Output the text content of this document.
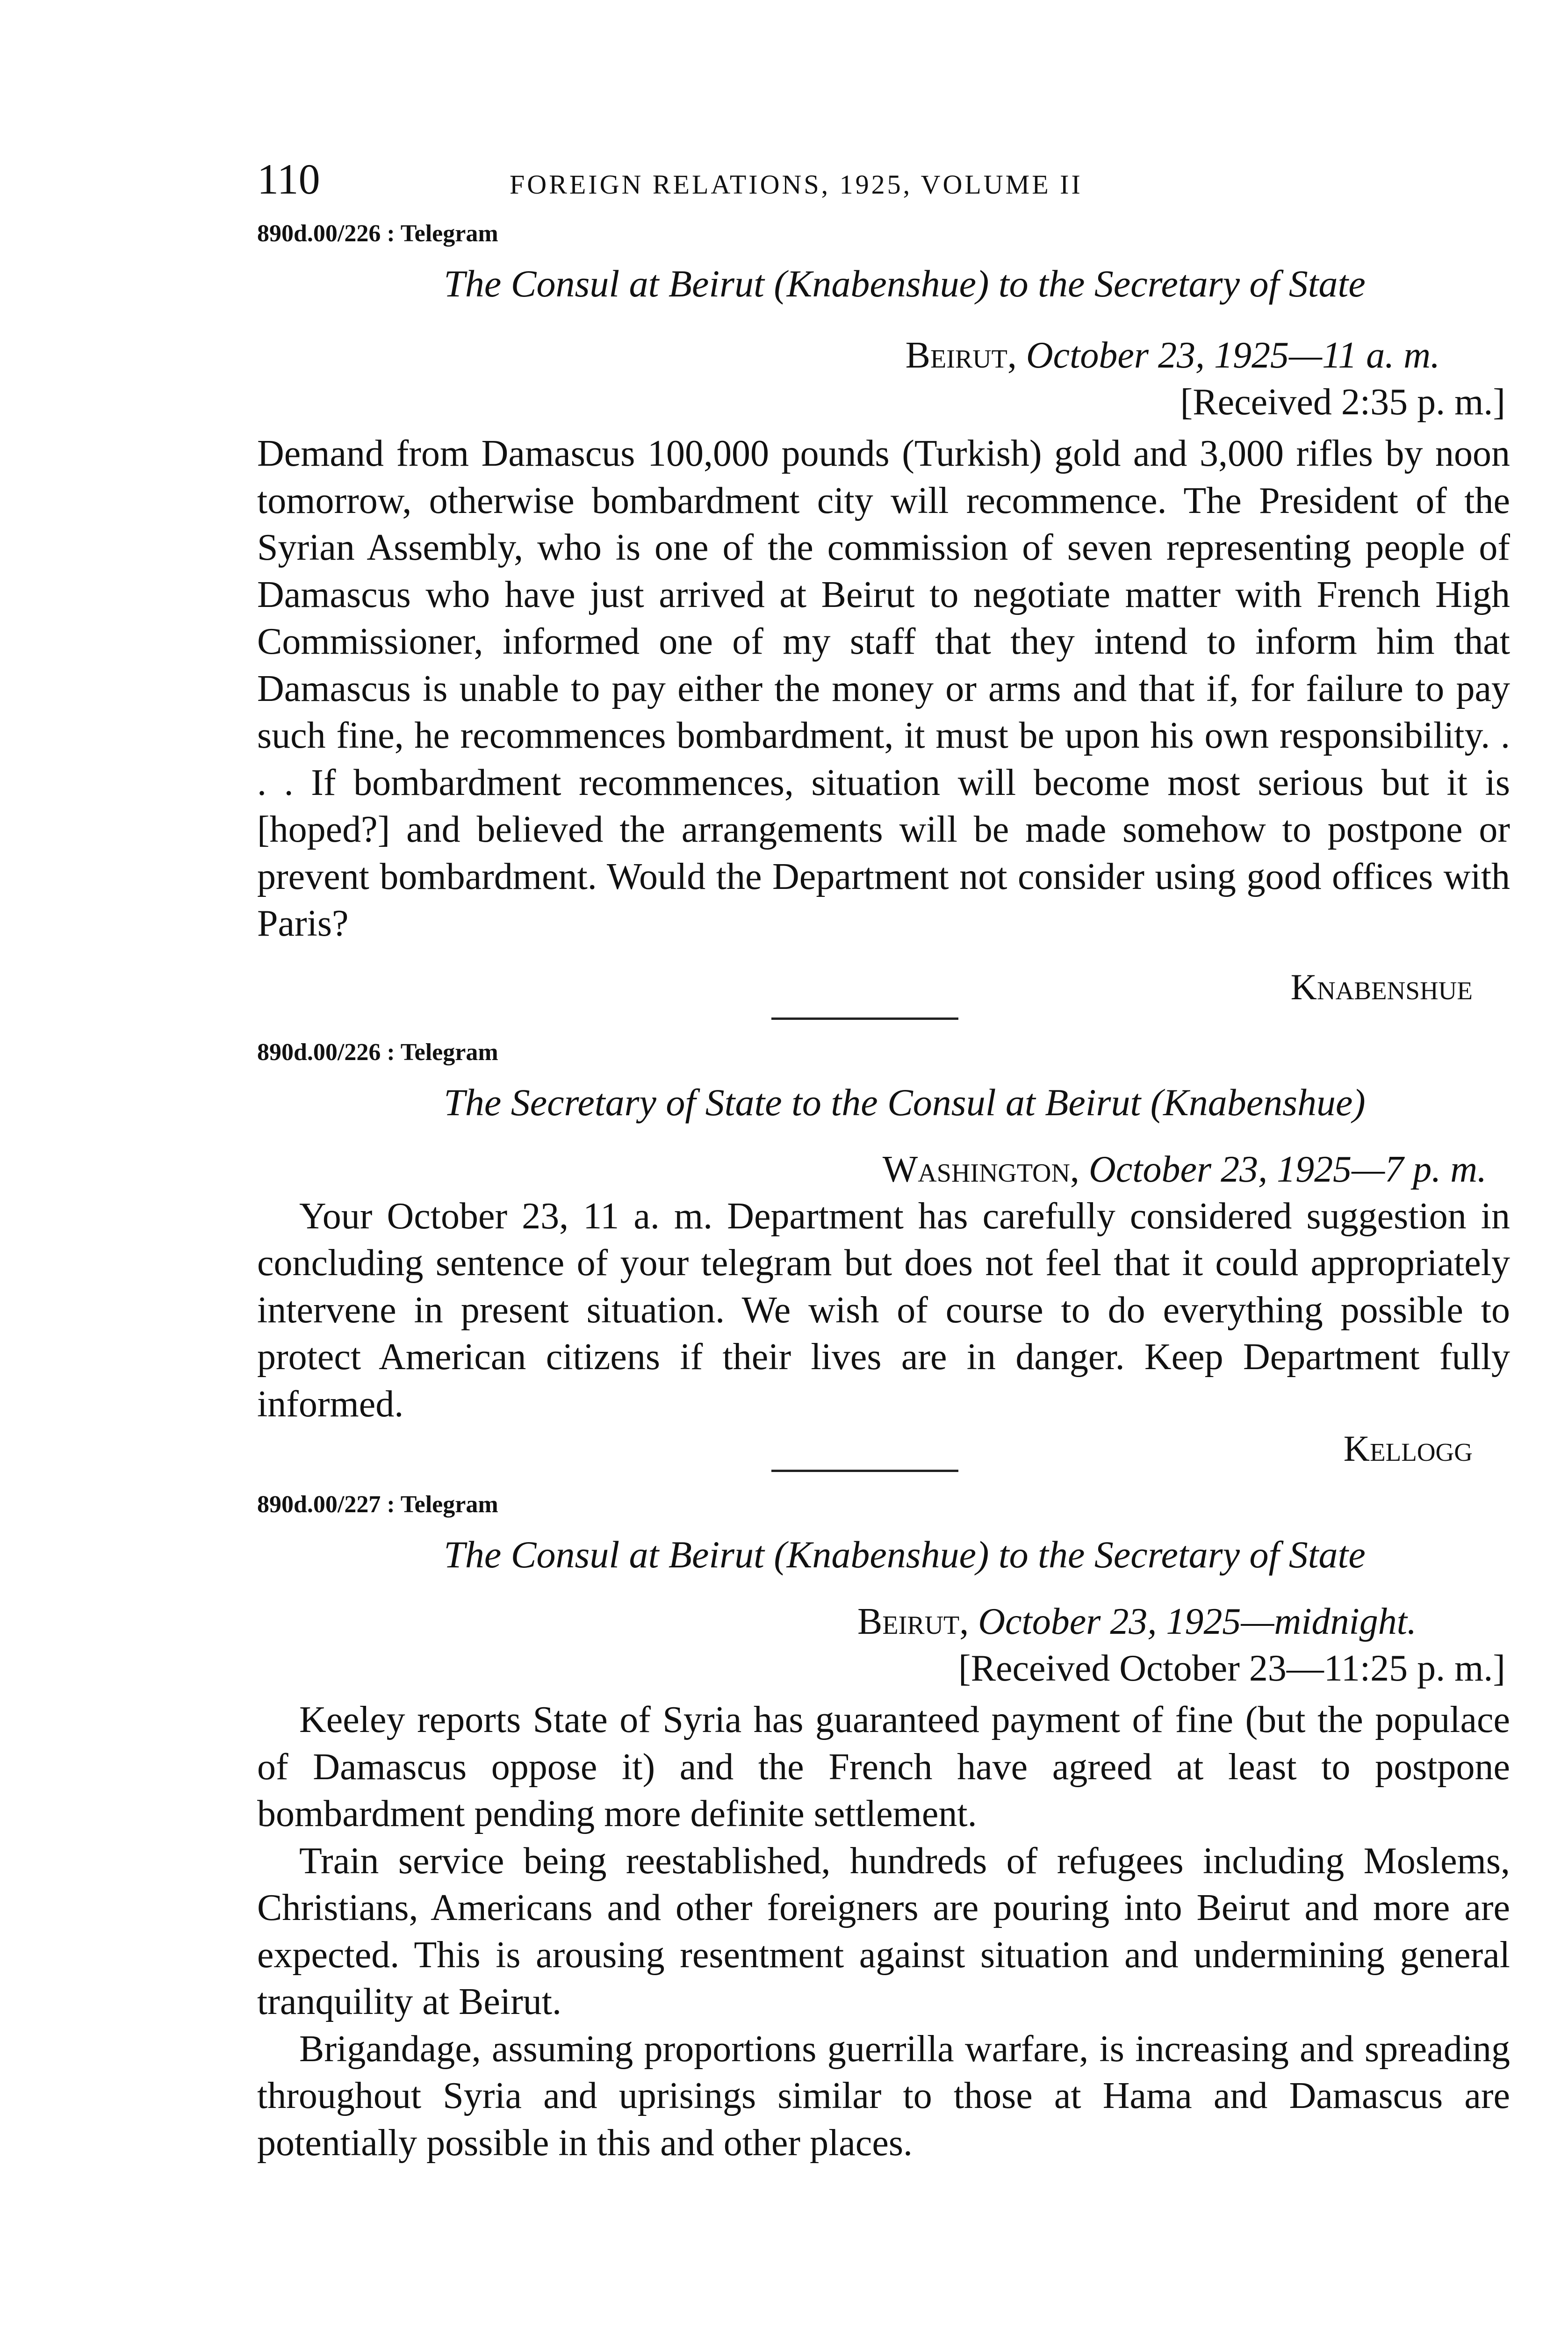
110	FOREIGN RELATIONS, 1925, VOLUME II
890d.00/226 : Telegram
The Consul at Beirut (Knabenshue) to the Secretary of State
Beirut, October 23, 1925—11 a. m.
[Received 2:35 p. m.]

Demand from Damascus 100,000 pounds (Turkish) gold and 3,000 rifles by noon tomorrow, otherwise bombardment city will recommence. The President of the Syrian Assembly, who is one of the commission of seven representing people of Damascus who have just arrived at Beirut to negotiate matter with French High Commissioner, informed one of my staff that they intend to inform him that Damascus is unable to pay either the money or arms and that if, for failure to pay such fine, he recommences bombardment, it must be upon his own responsibility. . . . If bombardment recommences, situation will become most serious but it is [hoped?] and believed the arrangements will be made somehow to postpone or prevent bombardment. Would the Department not consider using good offices with Paris?

Knabenshue
890d.00/226 : Telegram
The Secretary of State to the Consul at Beirut (Knabenshue)
Washington, October 23, 1925—7 p. m.

Your October 23, 11 a. m. Department has carefully considered suggestion in concluding sentence of your telegram but does not feel that it could appropriately intervene in present situation. We wish of course to do everything possible to protect American citizens if their lives are in danger. Keep Department fully informed.

Kellogg
890d.00/227 : Telegram
The Consul at Beirut (Knabenshue) to the Secretary of State
Beirut, October 23, 1925—midnight.
[Received October 23—11:25 p. m.]

Keeley reports State of Syria has guaranteed payment of fine (but the populace of Damascus oppose it) and the French have agreed at least to postpone bombardment pending more definite settlement.

Train service being reestablished, hundreds of refugees including Moslems, Christians, Americans and other foreigners are pouring into Beirut and more are expected. This is arousing resentment against situation and undermining general tranquility at Beirut.

Brigandage, assuming proportions guerrilla warfare, is increasing and spreading throughout Syria and uprisings similar to those at Hama and Damascus are potentially possible in this and other places.
